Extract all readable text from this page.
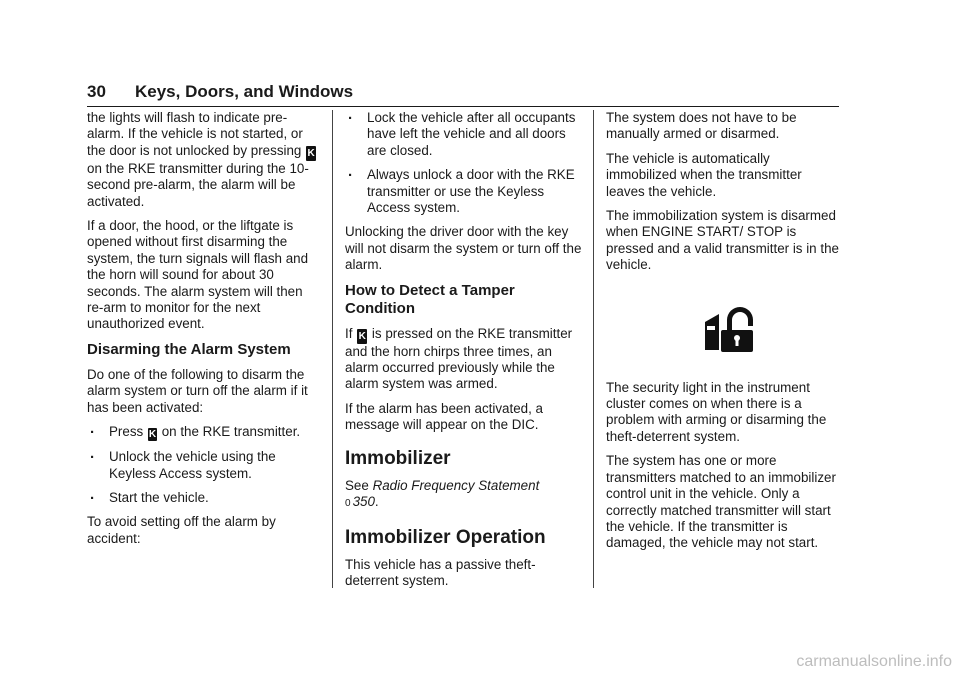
30 Keys, Doors, and Windows

the lights will flash to indicate pre-alarm. If the vehicle is not started, or the door is not unlocked by pressing K on the RKE transmitter during the 10-second pre-alarm, the alarm will be activated.

If a door, the hood, or the liftgate is opened without first disarming the system, the turn signals will flash and the horn will sound for about 30 seconds. The alarm system will then re-arm to monitor for the next unauthorized event.

Disarming the Alarm System

Do one of the following to disarm the alarm system or turn off the alarm if it has been activated:

. Press K on the RKE transmitter.
. Unlock the vehicle using the Keyless Access system.
. Start the vehicle.

To avoid setting off the alarm by accident:

. Lock the vehicle after all occupants have left the vehicle and all doors are closed.
. Always unlock a door with the RKE transmitter or use the Keyless Access system.

Unlocking the driver door with the key will not disarm the system or turn off the alarm.

How to Detect a Tamper Condition

If K is pressed on the RKE transmitter and the horn chirps three times, an alarm occurred previously while the alarm system was armed.

If the alarm has been activated, a message will appear on the DIC.

Immobilizer

See Radio Frequency Statement
0 350.

Immobilizer Operation

This vehicle has a passive theft-deterrent system.

The system does not have to be manually armed or disarmed.

The vehicle is automatically immobilized when the transmitter leaves the vehicle.

The immobilization system is disarmed when ENGINE START/ STOP is pressed and a valid transmitter is in the vehicle.

The security light in the instrument cluster comes on when there is a problem with arming or disarming the theft-deterrent system.

The system has one or more transmitters matched to an immobilizer control unit in the vehicle. Only a correctly matched transmitter will start the vehicle. If the transmitter is damaged, the vehicle may not start.

carmanualsonline.info
